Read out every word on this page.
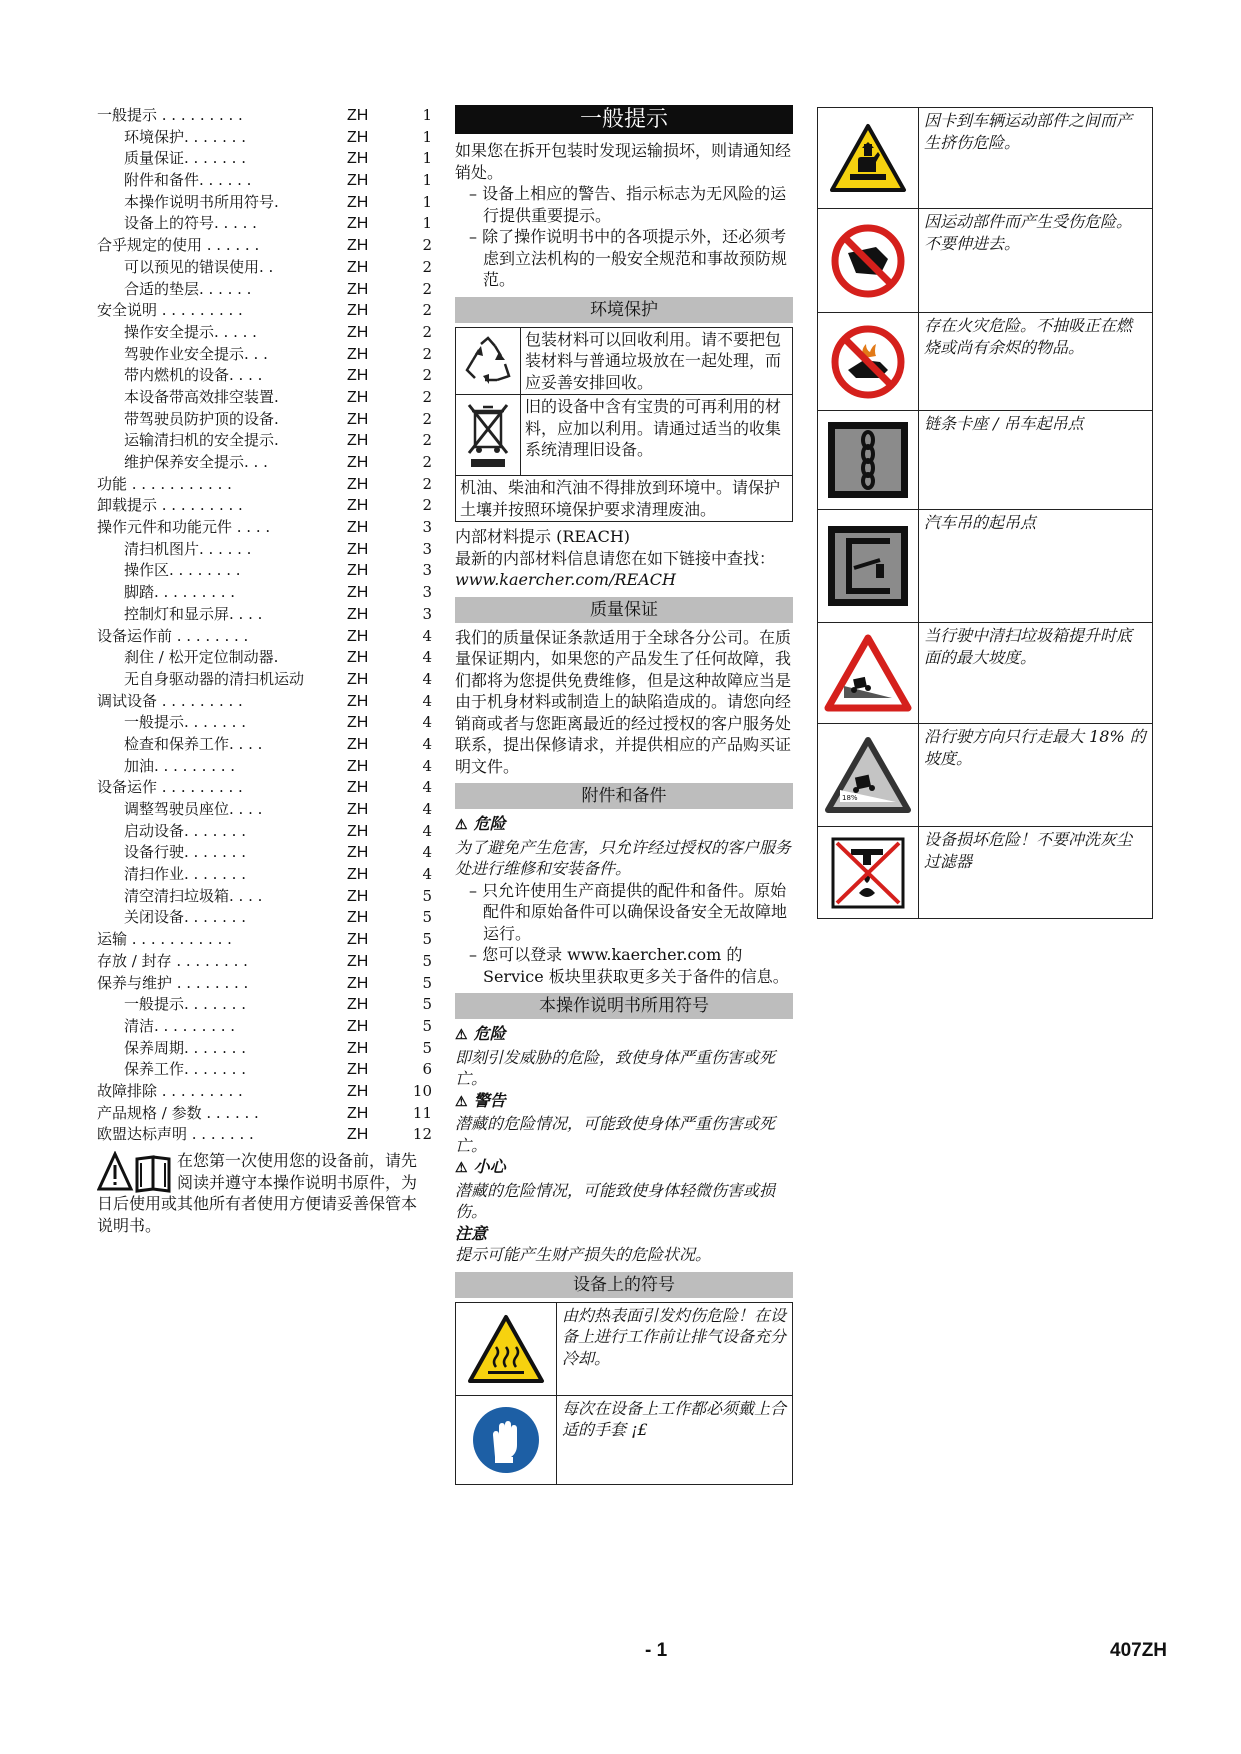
一般提示 . . . . . . . . .	ZH	1
环境保护. . . . . . .	ZH	1
质量保证. . . . . . .	ZH	1
附件和备件. . . . . .	ZH	1
本操作说明书所用符号.	ZH	1
设备上的符号. . . . .	ZH	1
合乎规定的使用 . . . . . .	ZH	2
可以预见的错误使用. .	ZH	2
合适的垫层. . . . . .	ZH	2
安全说明 . . . . . . . . .	ZH	2
操作安全提示. . . . .	ZH	2
驾驶作业安全提示. . .	ZH	2
带内燃机的设备. . . .	ZH	2
本设备带高效排空装置.	ZH	2
带驾驶员防护顶的设备.	ZH	2
运输清扫机的安全提示.	ZH	2
维护保养安全提示. . .	ZH	2
功能 . . . . . . . . . . .	ZH	2
卸载提示 . . . . . . . . .	ZH	2
操作元件和功能元件 . . . .	ZH	3
清扫机图片. . . . . .	ZH	3
操作区. . . . . . . .	ZH	3
脚踏. . . . . . . . .	ZH	3
控制灯和显示屏. . . .	ZH	3
设备运作前 . . . . . . . .	ZH	4
刹住 / 松开定位制动器.	ZH	4
无自身驱动器的清扫机运动	ZH	4
调试设备 . . . . . . . . .	ZH	4
一般提示. . . . . . .	ZH	4
检查和保养工作. . . .	ZH	4
加油. . . . . . . . .	ZH	4
设备运作 . . . . . . . . .	ZH	4
调整驾驶员座位. . . .	ZH	4
启动设备. . . . . . .	ZH	4
设备行驶. . . . . . .	ZH	4
清扫作业. . . . . . .	ZH	4
清空清扫垃圾箱. . . .	ZH	5
关闭设备. . . . . . .	ZH	5
运输 . . . . . . . . . . .	ZH	5
存放 / 封存 . . . . . . . .	ZH	5
保养与维护 . . . . . . . .	ZH	5
一般提示. . . . . . .	ZH	5
清洁. . . . . . . . .	ZH	5
保养周期. . . . . . .	ZH	5
保养工作. . . . . . .	ZH	6
故障排除 . . . . . . . . .	ZH	10
产品规格 / 参数 . . . . . .	ZH	11
欧盟达标声明 . . . . . . .	ZH	12
在您第一次使用您的设备前，请先阅读并遵守本操作说明书原件，为日后使用或其他所有者使用方便请妥善保管本说明书。
一般提示
如果您在拆开包装时发现运输损坏，则请通知经销处。
– 设备上相应的警告、指示标志为无风险的运行提供重要提示。
– 除了操作说明书中的各项提示外，还必须考虑到立法机构的一般安全规范和事故预防规范。
环境保护
包装材料可以回收利用。请不要把包装材料与普通垃圾放在一起处理，而应妥善安排回收。
旧的设备中含有宝贵的可再利用的材料，应加以利用。请通过适当的收集系统清理旧设备。
机油、柴油和汽油不得排放到环境中。请保护土壤并按照环境保护要求清理废油。
内部材料提示 (REACH)
最新的内部材料信息请您在如下链接中查找：
www.kaercher.com/REACH
质量保证
我们的质量保证条款适用于全球各分公司。在质量保证期内，如果您的产品发生了任何故障，我们都将为您提供免费维修，但是这种故障应当是由于机身材料或制造上的缺陷造成的。请您向经销商或者与您距离最近的经过授权的客户服务处联系，提出保修请求，并提供相应的产品购买证明文件。
附件和备件
⚠ 危险
为了避免产生危害，只允许经过授权的客户服务处进行维修和安装备件。
– 只允许使用生产商提供的配件和备件。原始配件和原始备件可以确保设备安全无故障地运行。
– 您可以登录 www.kaercher.com 的 Service 板块里获取更多关于备件的信息。
本操作说明书所用符号
⚠ 危险
即刻引发威胁的危险，致使身体严重伤害或死亡。
⚠ 警告
潜藏的危险情况，可能致使身体严重伤害或死亡。
⚠ 小心
潜藏的危险情况，可能致使身体轻微伤害或损伤。
注意
提示可能产生财产损失的危险状况。
设备上的符号
由灼热表面引发灼伤危险！在设备上进行工作前让排气设备充分冷却。
每次在设备上工作都必须戴上合适的手套 ¡£
因卡到车辆运动部件之间而产生挤伤危险。
因运动部件而产生受伤危险。不要伸进去。
存在火灾危险。不抽吸正在燃烧或尚有余烬的物品。
链条卡座 / 吊车起吊点
汽车吊的起吊点
当行驶中清扫垃圾箱提升时底面的最大坡度。
18%
沿行驶方向只行走最大 18% 的坡度。
设备损坏危险！不要冲洗灰尘过滤器
- 1	407ZH
